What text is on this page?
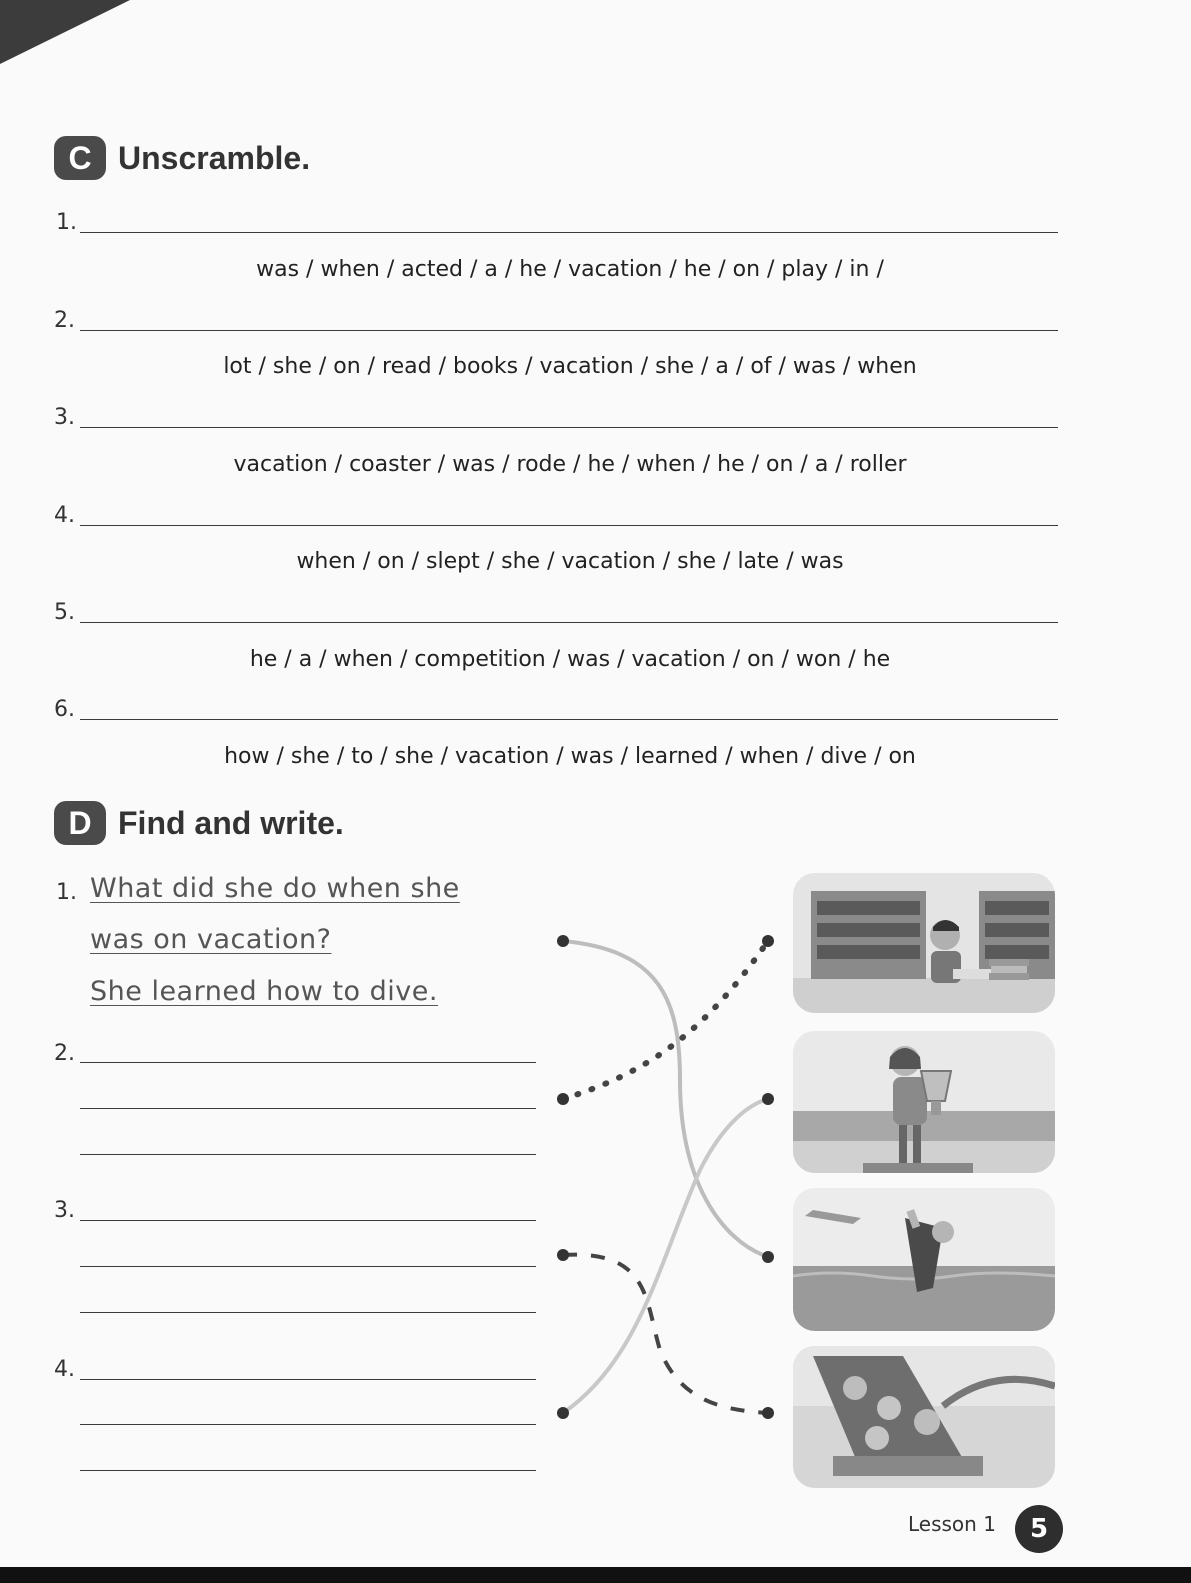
C Unscramble.
1.
was / when / acted / a / he / vacation / he / on / play / in /
2.
lot / she / on / read / books / vacation / she / a / of / was / when
3.
vacation / coaster / was / rode / he / when / he / on / a / roller
4.
when / on / slept / she / vacation / she / late / was
5.
he / a / when / competition / was / vacation / on / won / he
6.
how / she / to / she / vacation / was / learned / when / dive / on
D Find and write.
1. What did she do when she
was on vacation?
She learned how to dive.
2.
3.
4.
Lesson 1	5
